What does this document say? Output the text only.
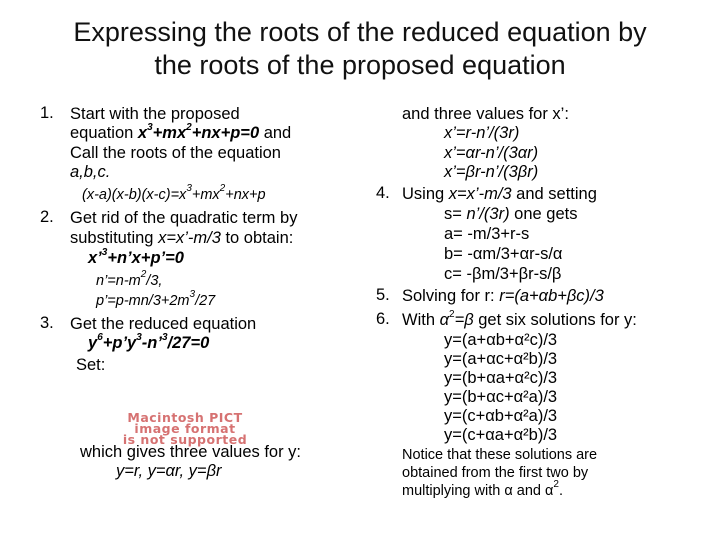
Expressing the roots of the reduced equation by
the roots of the proposed equation
1. Start with the proposed
equation $x^3+mx^2+nx+p=0$ and
Call the roots of the equation
a,b,c.
$(x-a)(x-b)(x-c)=x^3+mx^2+nx+p$
2. Get rid of the quadratic term by
substituting x=x’-m/3 to obtain:
x’$^3$+n’x+p’=0
$n’=n-m^2/3$,
$p’=p-mn/3+2m^3/27$
3. Get the reduced equation
$y^6+p’y^3-n’^3/27=0$
Set:
Macintosh PICT
image format
is not supported
which gives three values for y:
y=r, y=αr, y=βr
and three values for x’:
x’=r-n’/(3r)
x’=αr-n’/(3αr)
x’=βr-n’/(3βr)
4. Using x=x’-m/3 and setting
s= n’/(3r) one gets
a= -m/3+r-s
b= -αm/3+αr-s/α
c= -βm/3+βr-s/β
5. Solving for r: r=(a+αb+βc)/3
6. With $\alpha^2=\beta$ get six solutions for y:
y=(a+αb+α²c)/3
y=(a+αc+α²b)/3
y=(b+αa+α²c)/3
y=(b+αc+α²a)/3
y=(c+αb+α²a)/3
y=(c+αa+α²b)/3
Notice that these solutions are
obtained from the first two by
multiplying with α and $\alpha^2$.
